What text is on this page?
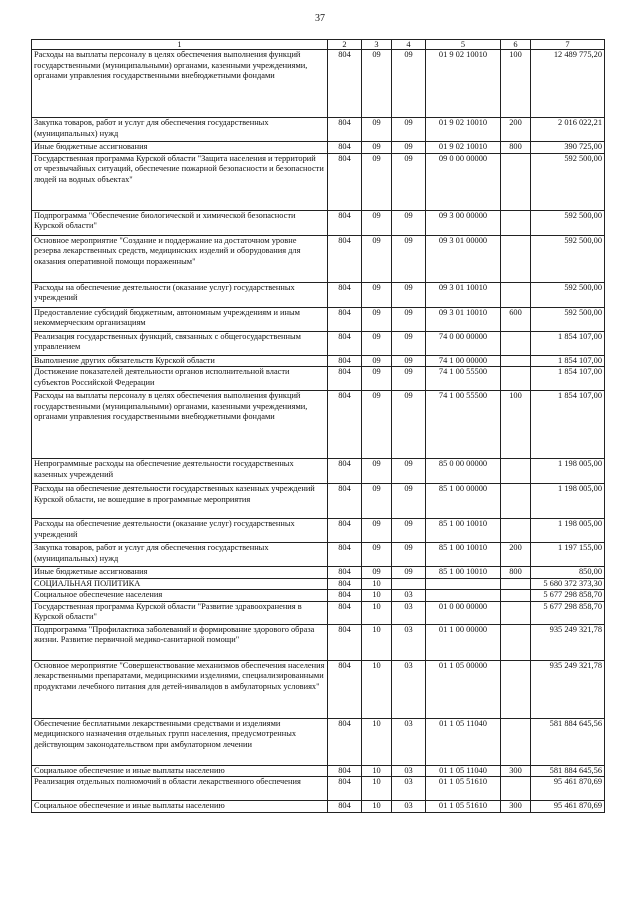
37
1	2	3	4	5	6	7
Расходы на выплаты персоналу в целях обеспечения выполнения функций государственными (муниципальными) органами, казенными учреждениями, органами управления государственными внебюджетными фондами	804	09	09	01 9 02 10010	100	12 489 775,20
Закупка товаров, работ и услуг для обеспечения государственных (муниципальных) нужд	804	09	09	01 9 02 10010	200	2 016 022,21
Иные бюджетные ассигнования	804	09	09	01 9 02 10010	800	390 725,00
Государственная программа Курской области "Защита населения и территорий от чрезвычайных ситуаций, обеспечение пожарной безопасности и безопасности людей на водных объектах"	804	09	09	09 0 00 00000		592 500,00
Подпрограмма "Обеспечение биологической и химической безопасности Курской области"	804	09	09	09 3 00 00000		592 500,00
Основное мероприятие "Создание и поддержание на достаточном уровне резерва лекарственных средств, медицинских изделий и оборудования для оказания оперативной помощи пораженным"	804	09	09	09 3 01 00000		592 500,00
Расходы на обеспечение деятельности (оказание услуг) государственных учреждений	804	09	09	09 3 01 10010		592 500,00
Предоставление субсидий бюджетным, автономным учреждениям и иным некоммерческим организациям	804	09	09	09 3 01 10010	600	592 500,00
Реализация государственных функций, связанных с общегосударственным управлением	804	09	09	74 0 00 00000		1 854 107,00
Выполнение других обязательств Курской области	804	09	09	74 1 00 00000		1 854 107,00
Достижение показателей деятельности органов исполнительной власти субъектов Российской Федерации	804	09	09	74 1 00 55500		1 854 107,00
Расходы на выплаты персоналу в целях обеспечения выполнения функций государственными (муниципальными) органами, казенными учреждениями, органами управления государственными внебюджетными фондами	804	09	09	74 1 00 55500	100	1 854 107,00
Непрограммные расходы на обеспечение деятельности государственных казенных учреждений	804	09	09	85 0 00 00000		1 198 005,00
Расходы на обеспечение деятельности государственных казенных учреждений Курской области, не вошедшие в программные мероприятия	804	09	09	85 1 00 00000		1 198 005,00
Расходы на обеспечение деятельности (оказание услуг) государственных учреждений	804	09	09	85 1 00 10010		1 198 005,00
Закупка товаров, работ и услуг для обеспечения государственных (муниципальных) нужд	804	09	09	85 1 00 10010	200	1 197 155,00
Иные бюджетные ассигнования	804	09	09	85 1 00 10010	800	850,00
СОЦИАЛЬНАЯ ПОЛИТИКА	804	10				5 680 372 373,30
Социальное обеспечение населения	804	10	03			5 677 298 858,70
Государственная программа Курской области "Развитие здравоохранения в Курской области"	804	10	03	01 0 00 00000		5 677 298 858,70
Подпрограмма "Профилактика заболеваний и формирование здорового образа жизни. Развитие первичной медико-санитарной помощи"	804	10	03	01 1 00 00000		935 249 321,78
Основное мероприятие "Совершенствование механизмов обеспечения населения лекарственными препаратами, медицинскими изделиями, специализированными продуктами лечебного питания для детей-инвалидов в амбулаторных условиях"	804	10	03	01 1 05 00000		935 249 321,78
Обеспечение бесплатными лекарственными средствами и изделиями медицинского назначения отдельных групп населения, предусмотренных действующим законодательством при амбулаторном лечении	804	10	03	01 1 05 11040		581 884 645,56
Социальное обеспечение и иные выплаты населению	804	10	03	01 1 05 11040	300	581 884 645,56
Реализация отдельных полномочий в области лекарственного обеспечения	804	10	03	01 1 05 51610		95 461 870,69
Социальное обеспечение и иные выплаты населению	804	10	03	01 1 05 51610	300	95 461 870,69
